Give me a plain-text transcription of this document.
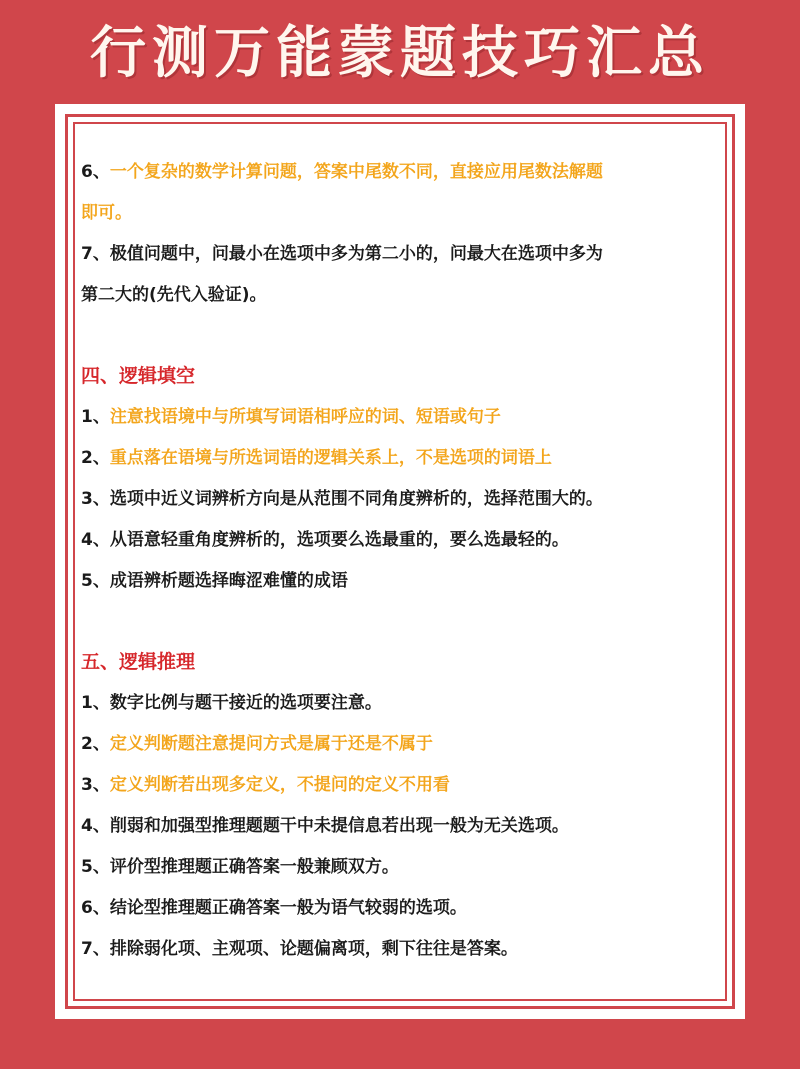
行测万能蒙题技巧汇总
6、一个复杂的数学计算问题，答案中尾数不同，直接应用尾数法解题
即可。
7、极值问题中，问最小在选项中多为第二小的，问最大在选项中多为
第二大的(先代入验证)。
四、逻辑填空
1、注意找语境中与所填写词语相呼应的词、短语或句子
2、重点落在语境与所选词语的逻辑关系上，不是选项的词语上
3、选项中近义词辨析方向是从范围不同角度辨析的，选择范围大的。
4、从语意轻重角度辨析的，选项要么选最重的，要么选最轻的。
5、成语辨析题选择晦涩难懂的成语
五、逻辑推理
1、数字比例与题干接近的选项要注意。
2、定义判断题注意提问方式是属于还是不属于
3、定义判断若出现多定义，不提问的定义不用看
4、削弱和加强型推理题题干中未提信息若出现一般为无关选项。
5、评价型推理题正确答案一般兼顾双方。
6、结论型推理题正确答案一般为语气较弱的选项。
7、排除弱化项、主观项、论题偏离项，剩下往往是答案。
